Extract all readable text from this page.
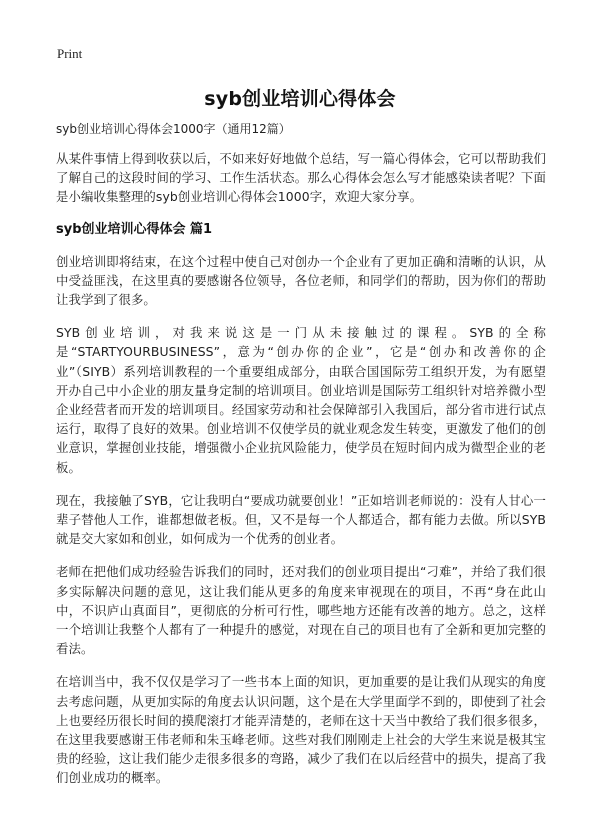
Print
syb创业培训心得体会
syb创业培训心得体会1000字（通用12篇）

从某件事情上得到收获以后，不如来好好地做个总结，写一篇心得体会，它可以帮助我们了解自己的这段时间的学习、工作生活状态。那么心得体会怎么写才能感染读者呢？下面是小编收集整理的syb创业培训心得体会1000字，欢迎大家分享。

syb创业培训心得体会 篇1

创业培训即将结束，在这个过程中使自己对创办一个企业有了更加正确和清晰的认识，从中受益匪浅，在这里真的要感谢各位领导，各位老师，和同学们的帮助，因为你们的帮助让我学到了很多。

SYB创业培训，对我来说这是一门从未接触过的课程。SYB的全称是“STARTYOURBUSINESS”，意为“创办你的企业”，它是“创办和改善你的企业”（SIYB）系列培训教程的一个重要组成部分，由联合国国际劳工组织开发，为有愿望开办自己中小企业的朋友量身定制的培训项目。创业培训是国际劳工组织针对培养微小型企业经营者而开发的培训项目。经国家劳动和社会保障部引入我国后，部分省市进行试点运行，取得了良好的效果。创业培训不仅使学员的就业观念发生转变，更激发了他们的创业意识，掌握创业技能，增强微小企业抗风险能力，使学员在短时间内成为微型企业的老板。

现在，我接触了SYB，它让我明白“要成功就要创业！”正如培训老师说的：没有人甘心一辈子替他人工作，谁都想做老板。但，又不是每一个人都适合，都有能力去做。所以SYB就是交大家如和创业，如何成为一个优秀的创业者。

老师在把他们成功经验告诉我们的同时，还对我们的创业项目提出“刁难”，并给了我们很多实际解决问题的意见，这让我们能从更多的角度来审视现在的项目，不再“身在此山中，不识庐山真面目”，更彻底的分析可行性，哪些地方还能有改善的地方。总之，这样一个培训让我整个人都有了一种提升的感觉，对现在自己的项目也有了全新和更加完整的看法。

在培训当中，我不仅仅是学习了一些书本上面的知识，更加重要的是让我们从现实的角度去考虑问题，从更加实际的角度去认识问题，这个是在大学里面学不到的，即使到了社会上也要经历很长时间的摸爬滚打才能弄清楚的，老师在这十天当中教给了我们很多很多，在这里我要感谢王伟老师和朱玉峰老师。这些对我们刚刚走上社会的大学生来说是极其宝贵的经验，这让我们能少走很多很多的弯路，减少了我们在以后经营中的损失，提高了我们创业成功的概率。
